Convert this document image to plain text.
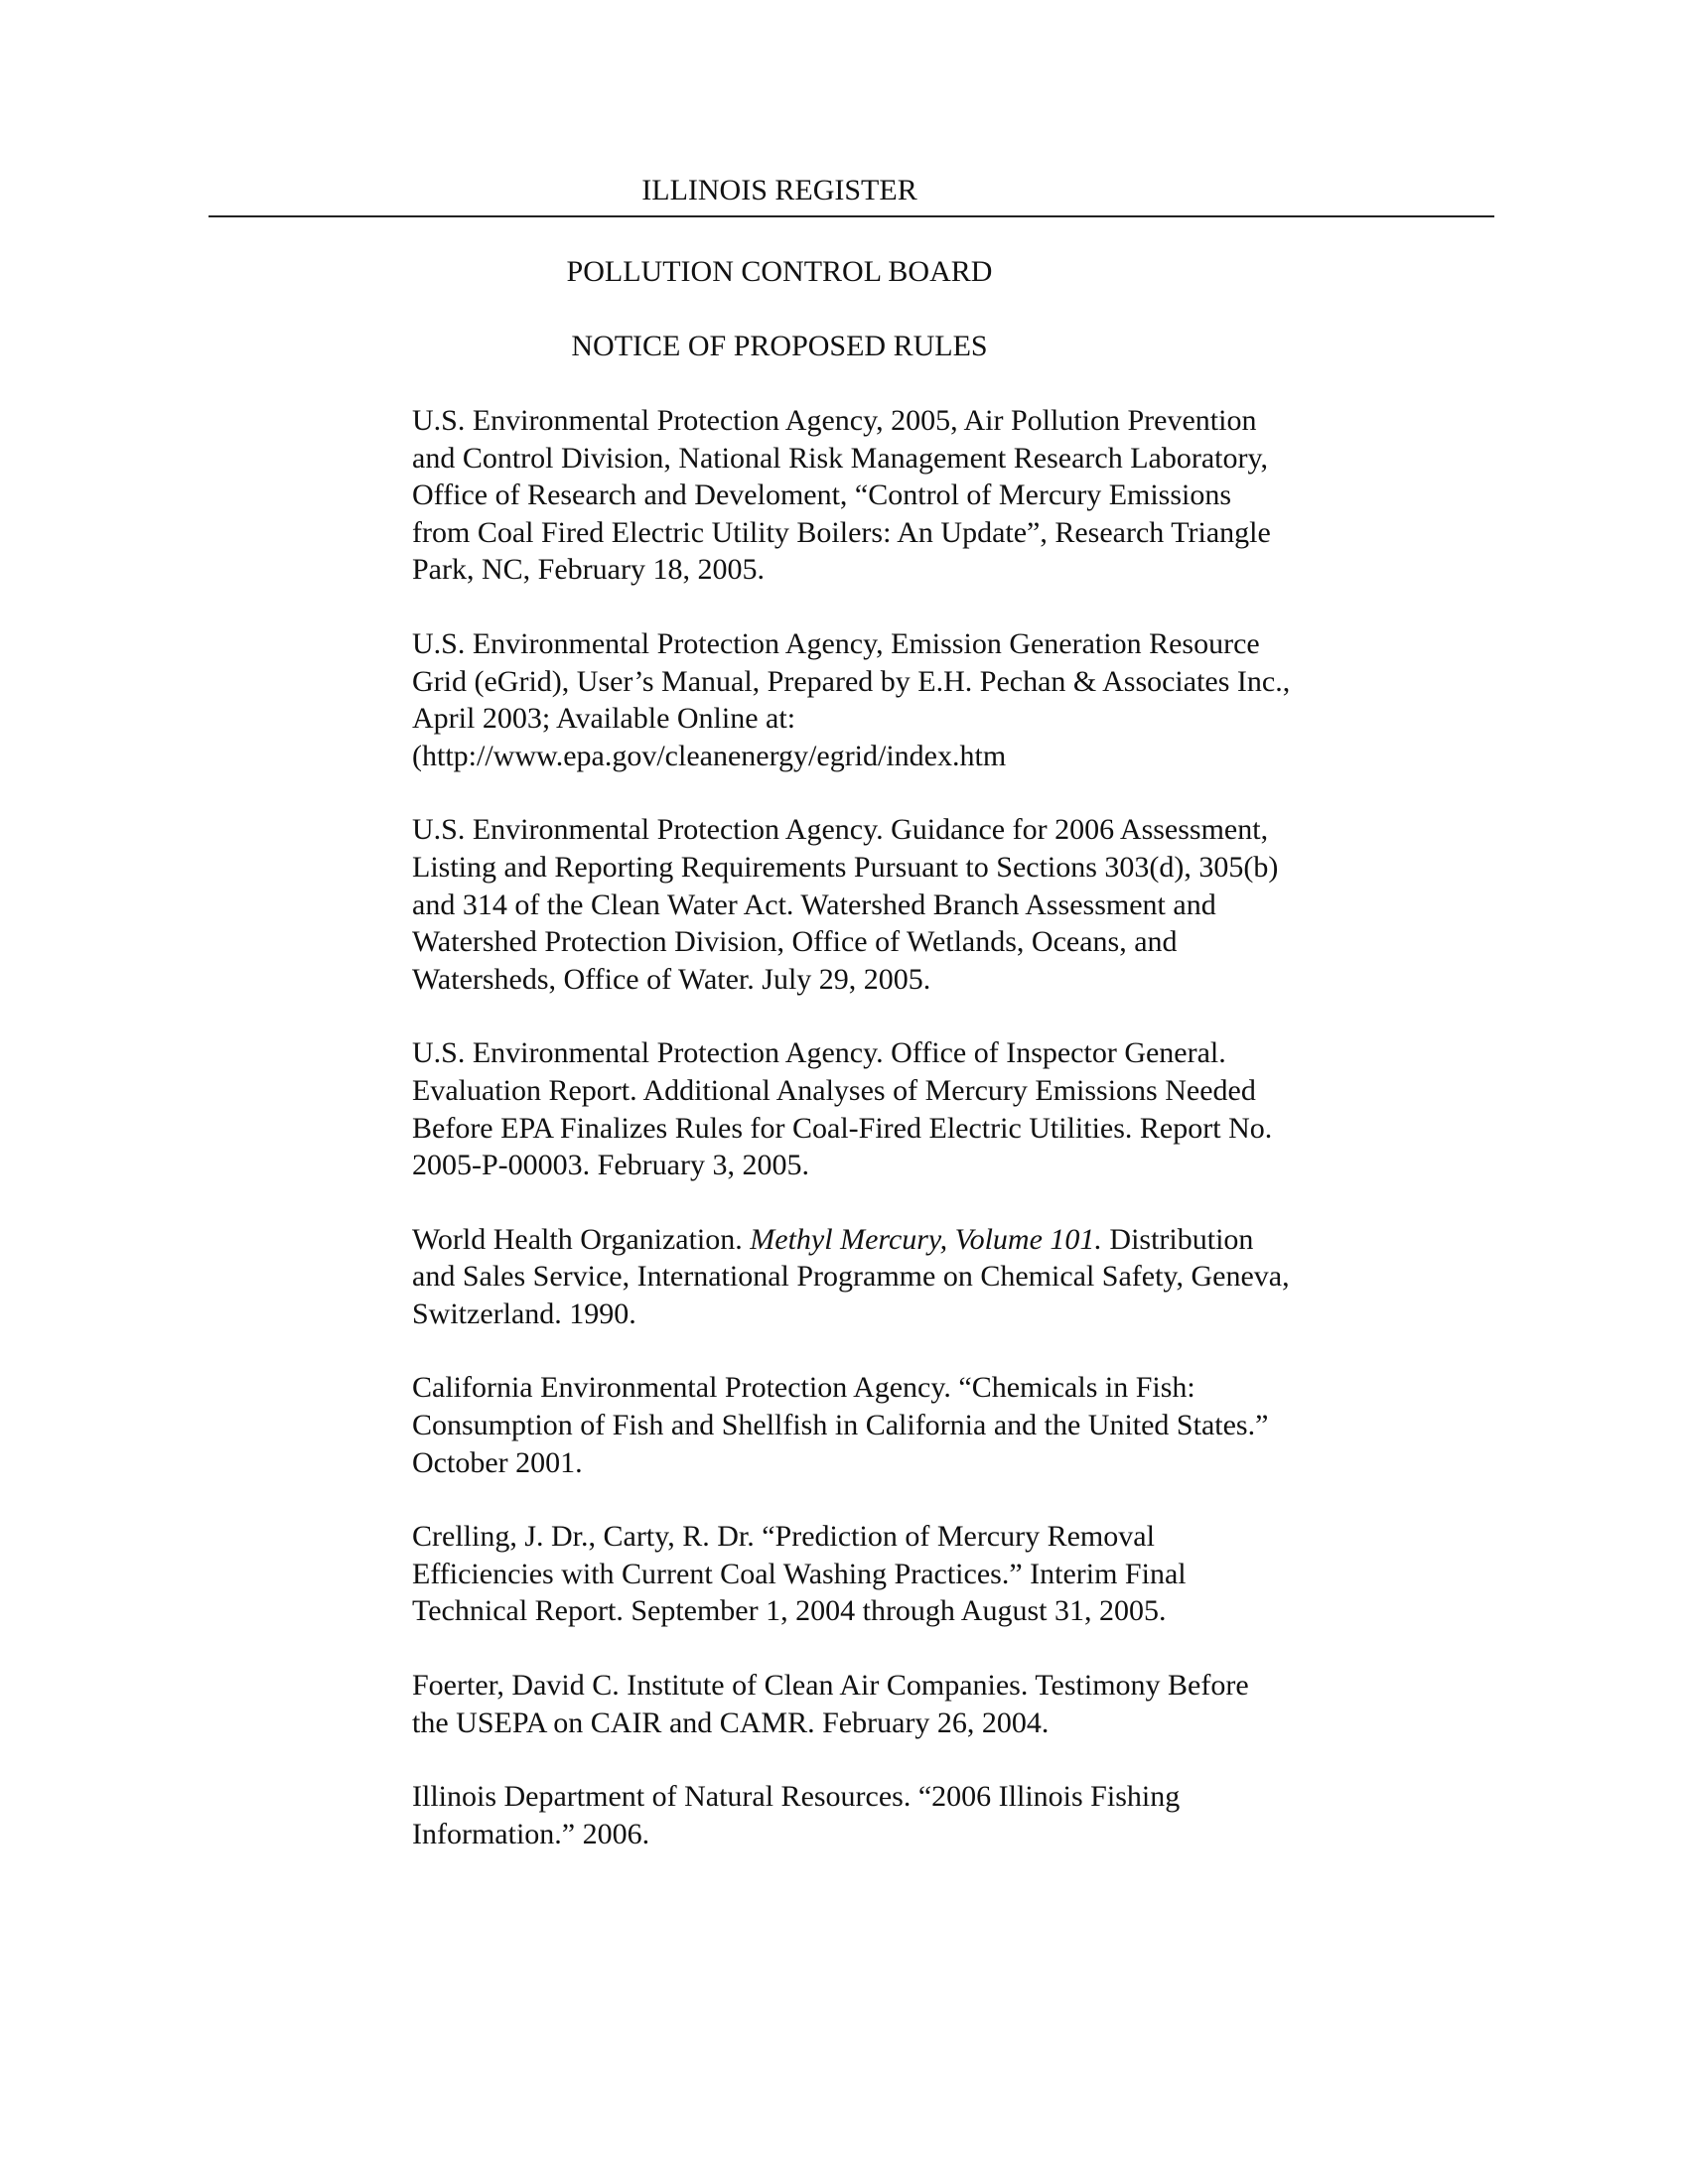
ILLINOIS REGISTER
POLLUTION CONTROL BOARD
NOTICE OF PROPOSED RULES
U.S. Environmental Protection Agency, 2005, Air Pollution Prevention
and Control Division, National Risk Management Research Laboratory,
Office of Research and Develoment, “Control of Mercury Emissions
from Coal Fired Electric Utility Boilers: An Update”, Research Triangle
Park, NC, February 18, 2005.
U.S. Environmental Protection Agency, Emission Generation Resource
Grid (eGrid), User’s Manual, Prepared by E.H. Pechan & Associates Inc.,
April 2003; Available Online at:
(http://www.epa.gov/cleanenergy/egrid/index.htm
U.S. Environmental Protection Agency. Guidance for 2006 Assessment,
Listing and Reporting Requirements Pursuant to Sections 303(d), 305(b)
and 314 of the Clean Water Act. Watershed Branch Assessment and
Watershed Protection Division, Office of Wetlands, Oceans, and
Watersheds, Office of Water. July 29, 2005.
U.S. Environmental Protection Agency. Office of Inspector General.
Evaluation Report. Additional Analyses of Mercury Emissions Needed
Before EPA Finalizes Rules for Coal-Fired Electric Utilities. Report No.
2005-P-00003. February 3, 2005.
World Health Organization. Methyl Mercury, Volume 101. Distribution
and Sales Service, International Programme on Chemical Safety, Geneva,
Switzerland. 1990.
California Environmental Protection Agency. “Chemicals in Fish:
Consumption of Fish and Shellfish in California and the United States.”
October 2001.
Crelling, J. Dr., Carty, R. Dr. “Prediction of Mercury Removal
Efficiencies with Current Coal Washing Practices.” Interim Final
Technical Report. September 1, 2004 through August 31, 2005.
Foerter, David C. Institute of Clean Air Companies. Testimony Before
the USEPA on CAIR and CAMR. February 26, 2004.
Illinois Department of Natural Resources. “2006 Illinois Fishing
Information.” 2006.
